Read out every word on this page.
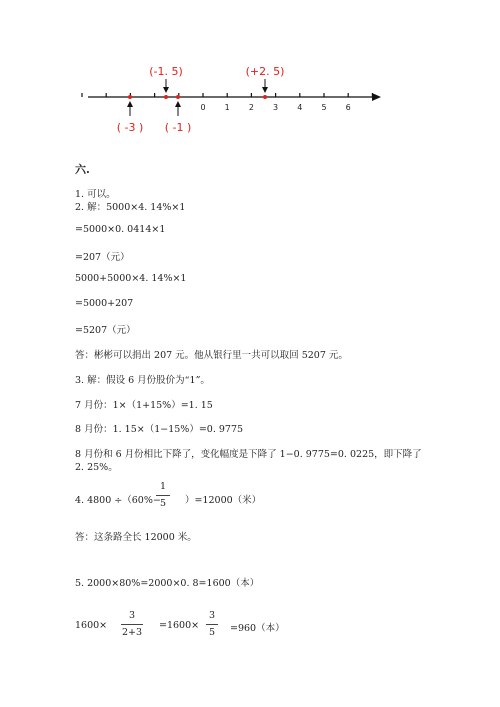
0 1 2 3 4 5 6
(-1. 5)	(+2. 5)
( -3 ) ( -1 )
六.
1. 可以。
2. 解：5000×4. 14%×1
=5000×0. 0414×1
=207（元）
5000+5000×4. 14%×1
=5000+207
=5207（元）
答：彬彬可以捐出 207 元。他从银行里一共可以取回 5207 元。
3. 解：假设 6 月份股价为“1”。
7 月份：1×（1+15%）=1. 15
8 月份：1. 15×（1−15%）=0. 9775
8 月份和 6 月份相比下降了，变化幅度是下降了 1−0. 9775=0. 0225，即下降了
2. 25%。
4. 4800 ÷（60%−
1
5	）=12000（米）
答：这条路全长 12000 米。
5. 2000×80%=2000×0. 8=1600（本）
1600×
3
2+3
=1600×
3
5	=960（本）
